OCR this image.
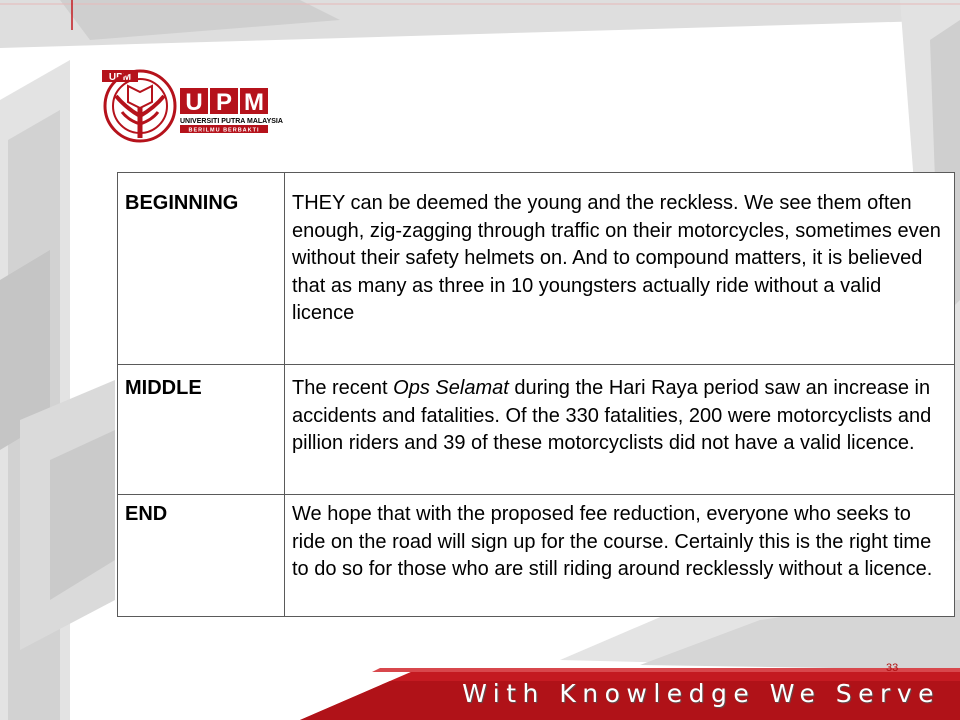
UPM
U P M
UNIVERSITI PUTRA MALAYSIA
BERILMU BERBAKTI
BEGINNING	THEY can be deemed the young and the reckless. We see them often enough, zig-zagging through traffic on their motorcycles, sometimes even without their safety helmets on. And to compound matters, it is believed that as many as three in 10 youngsters actually ride without a valid licence
MIDDLE	The recent Ops Selamat during the Hari Raya period saw an increase in accidents and fatalities. Of the 330 fatalities, 200 were motorcyclists and pillion riders and 39 of these motorcyclists did not have a valid licence.
END	We hope that with the proposed fee reduction, everyone who seeks to ride on the road will sign up for the course. Certainly this is the right time to do so for those who are still riding around recklessly without a licence.
33
With Knowledge We Serve
